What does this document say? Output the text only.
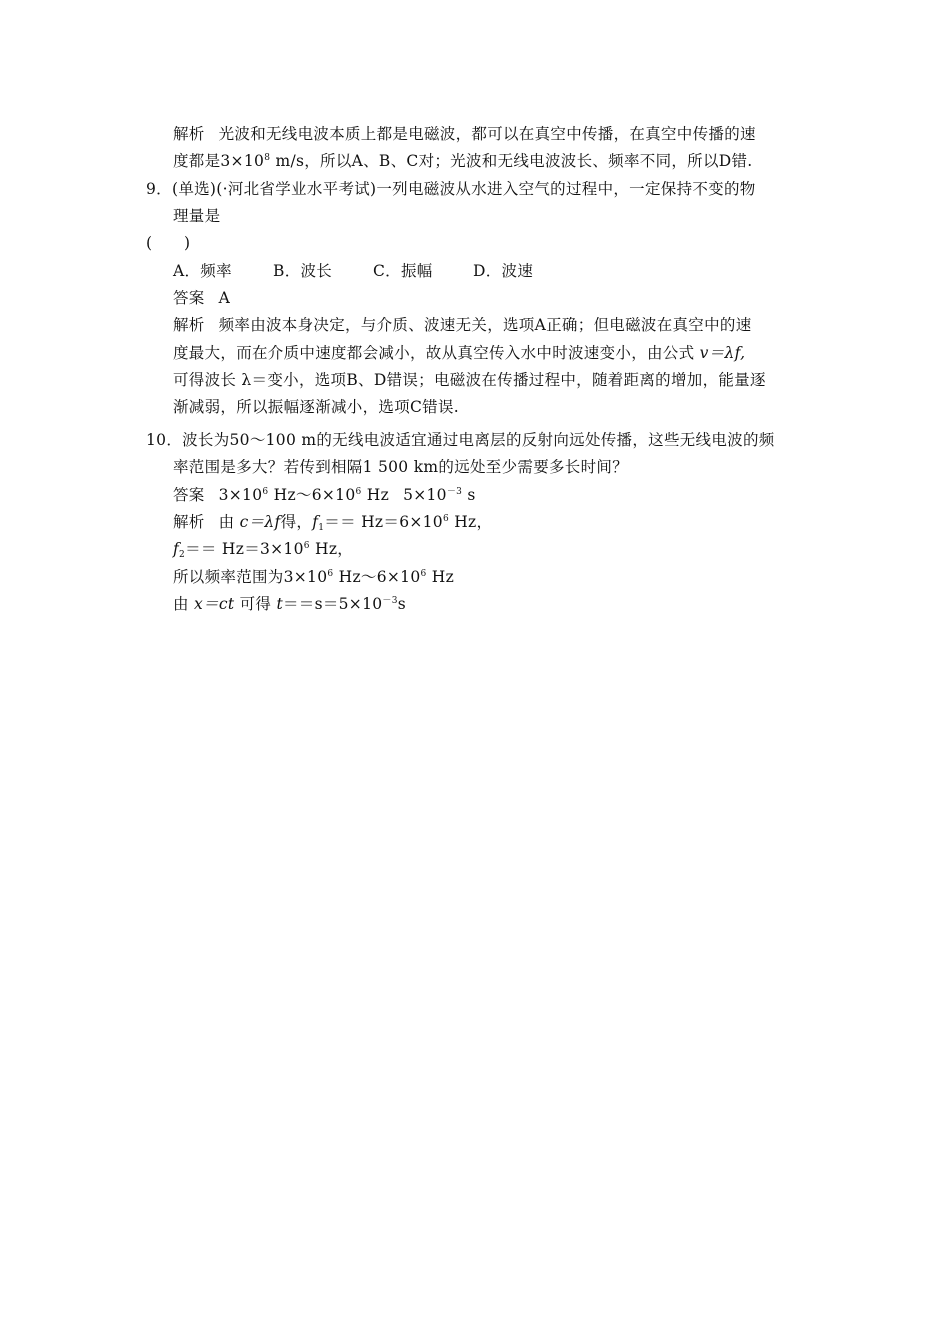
解析 光波和无线电波本质上都是电磁波，都可以在真空中传播，在真空中传播的速
度都是$3\times 10^8$ m/s，所以A、B、C对；光波和无线电波波长、频率不同，所以D错.
9．(单选)(·河北省学业水平考试)一列电磁波从水进入空气的过程中，一定保持不变的物
理量是
(　　)
A．频率	B．波长	C．振幅	D．波速
答案 A
解析 频率由波本身决定，与介质、波速无关，选项A正确；但电磁波在真空中的速
度最大，而在介质中速度都会减小，故从真空传入水中时波速变小，由公式 v＝λf,
可得波长 λ＝变小，选项B、D错误；电磁波在传播过程中，随着距离的增加，能量逐
渐减弱，所以振幅逐渐减小，选项C错误.
10．波长为50～100 m的无线电波适宜通过电离层的反射向远处传播，这些无线电波的频
率范围是多大？若传到相隔1 500 km的远处至少需要多长时间？
答案 $3\times 10^6$ $Hz\sim 6\times 10^6$ Hz $5\times 10^{-3}$ s
解析 由 c＝λf得，$f_1== Hz=6\times 10^6$ Hz，
$f_2== Hz=3\times 10^6$ Hz，
所以频率范围为$3\times 10^6$ $Hz\sim 6\times 10^6$ Hz
由 x＝ct 可得 $t==s=5\times 10^{-3}s$
